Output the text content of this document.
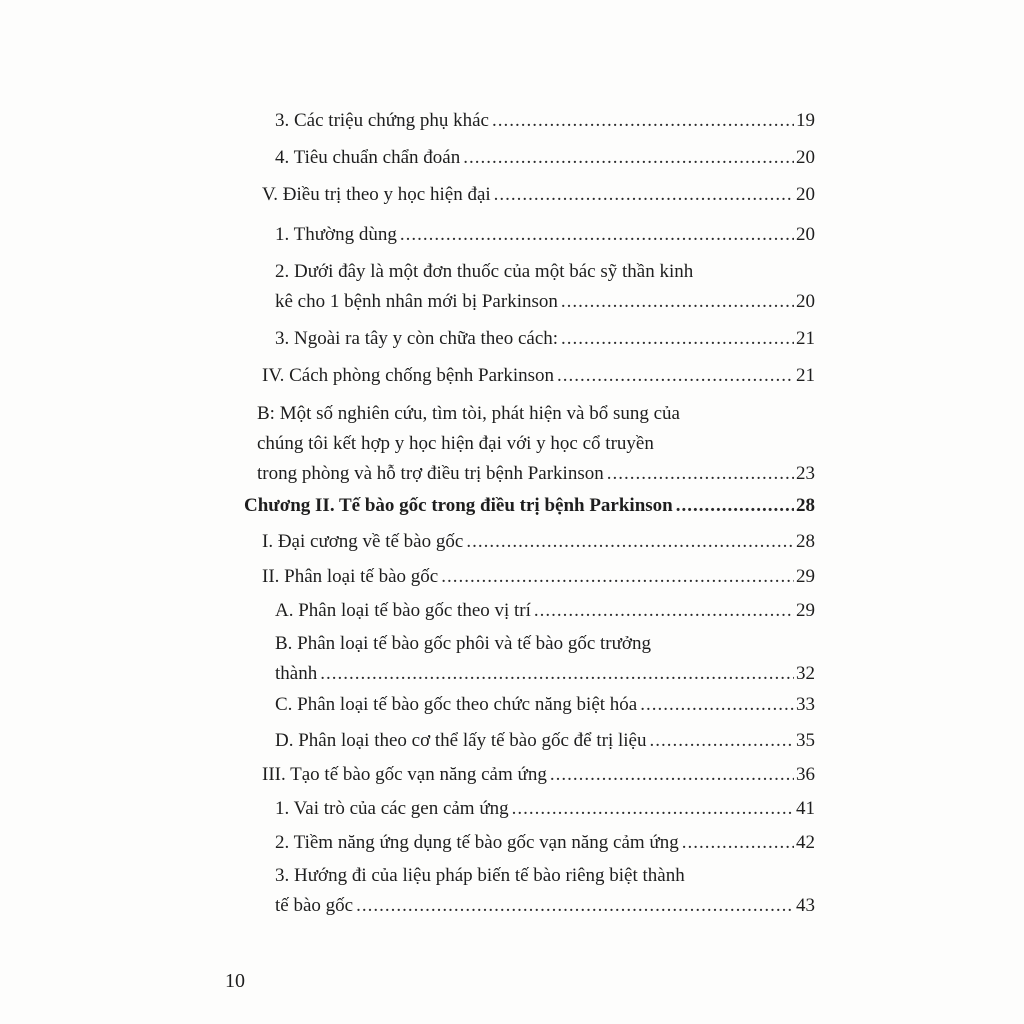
3. Các triệu chứng phụ khác .....	19
4. Tiêu chuẩn chẩn đoán .....	20
V. Điều trị theo y học hiện đại .....	20
1. Thường dùng .....	20
2. Dưới đây là một đơn thuốc của một bác sỹ thần kinh
kê cho 1 bệnh nhân mới bị Parkinson .....	20
3. Ngoài ra tây y còn chữa theo cách: .....	21
IV. Cách phòng chống bệnh Parkinson .....	21
B: Một số nghiên cứu, tìm tòi, phát hiện và bổ sung của
chúng tôi kết hợp y học hiện đại với y học cổ truyền
trong phòng và hỗ trợ điều trị bệnh Parkinson .....	23
Chương II. Tế bào gốc trong điều trị bệnh Parkinson .....	28
I. Đại cương về tế bào gốc .....	28
II. Phân loại tế bào gốc .....	29
A. Phân loại tế bào gốc theo vị trí .....	29
B. Phân loại tế bào gốc phôi và tế bào gốc trưởng
thành .....	32
C. Phân loại tế bào gốc theo chức năng biệt hóa .....	33
D. Phân loại theo cơ thể lấy tế bào gốc để trị liệu .....	35
III. Tạo tế bào gốc vạn năng cảm ứng .....	36
1. Vai trò của các gen cảm ứng .....	41
2. Tiềm năng ứng dụng tế bào gốc vạn năng cảm ứng .....	42
3. Hướng đi của liệu pháp biến tế bào riêng biệt thành
tế bào gốc .....	43
10
